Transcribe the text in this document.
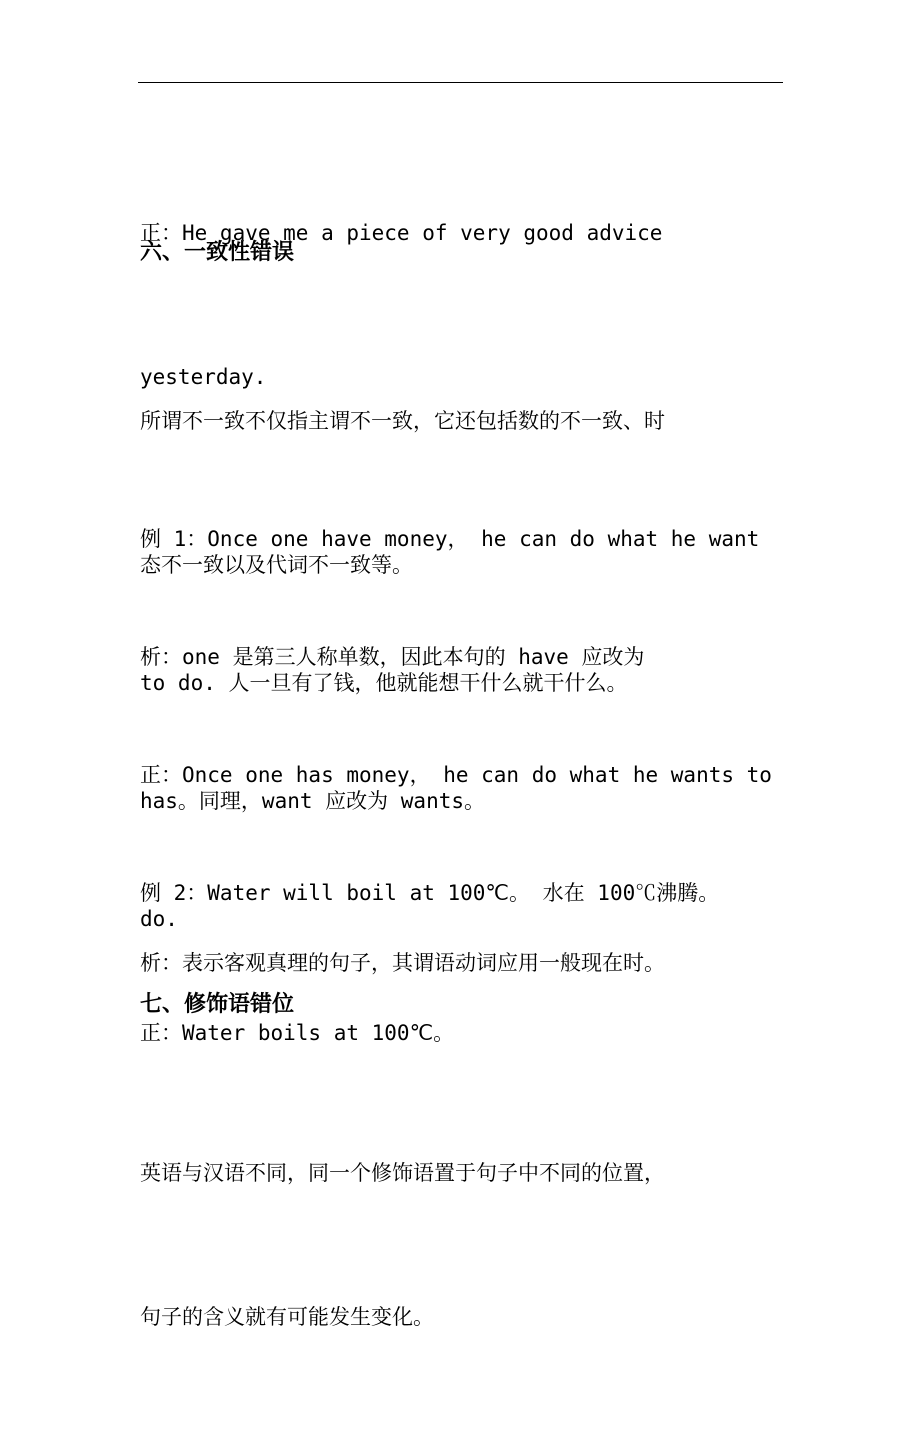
正：He gave me a piece of very good advice

yesterday.

六、一致性错误

所谓不一致不仅指主谓不一致，它还包括数的不一致、时

态不一致以及代词不一致等。

例 1：Once one have money， he can do what he want

to do. 人一旦有了钱，他就能想干什么就干什么。

析：one 是第三人称单数，因此本句的 have 应改为

has。同理，want 应改为 wants。

正：Once one has money， he can do what he wants to

do.

例 2：Water will boil at 100℃。 水在 100℃沸腾。

析：表示客观真理的句子，其谓语动词应用一般现在时。

正：Water boils at 100℃。

七、修饰语错位

英语与汉语不同，同一个修饰语置于句子中不同的位置，

句子的含义就有可能发生变化。
